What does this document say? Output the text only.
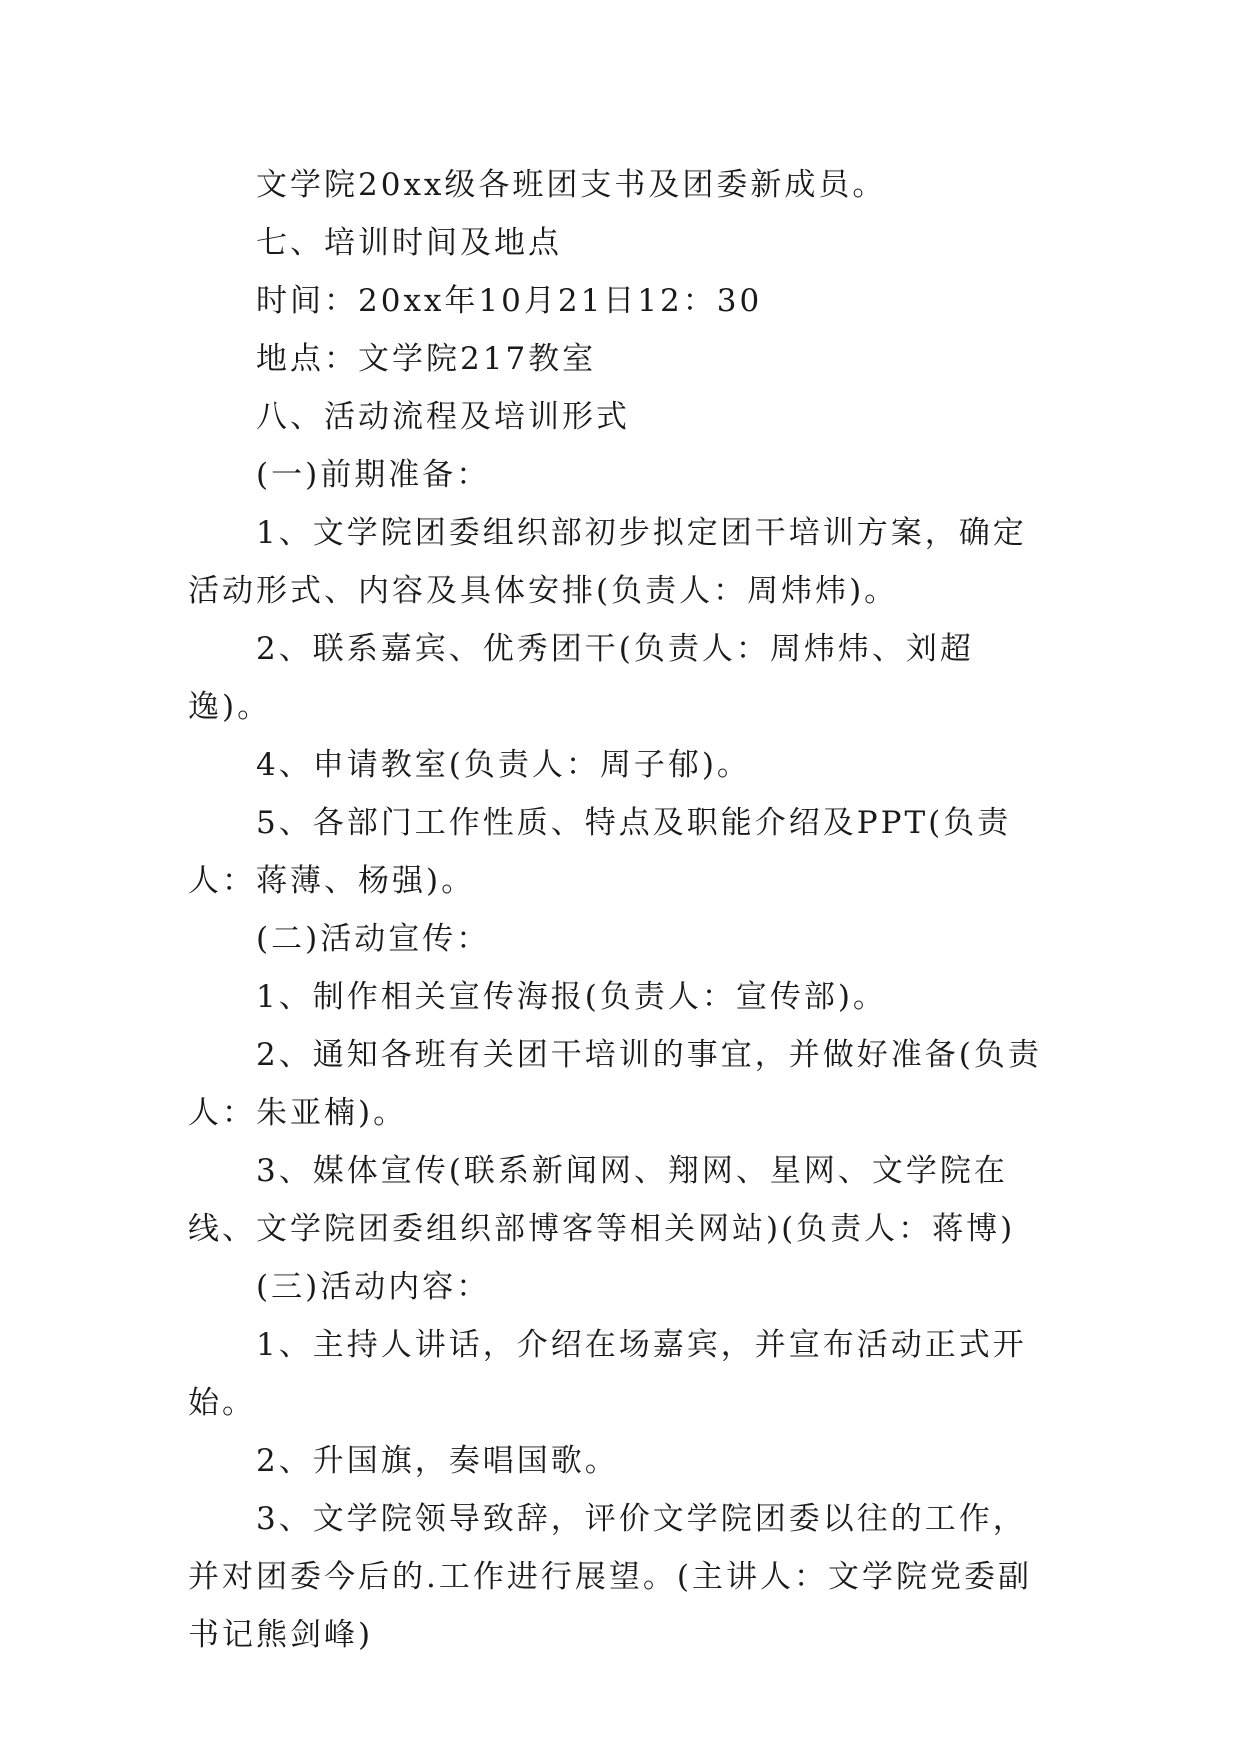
文学院20xx级各班团支书及团委新成员。

七、培训时间及地点

时间：20xx年10月21日12：30

地点：文学院217教室

八、活动流程及培训形式

(一)前期准备：

1、文学院团委组织部初步拟定团干培训方案，确定活动形式、内容及具体安排(负责人：周炜炜)。

2、联系嘉宾、优秀团干(负责人：周炜炜、刘超逸)。

4、申请教室(负责人：周子郁)。

5、各部门工作性质、特点及职能介绍及PPT(负责人：蒋薄、杨强)。

(二)活动宣传：

1、制作相关宣传海报(负责人：宣传部)。

2、通知各班有关团干培训的事宜，并做好准备(负责人：朱亚楠)。

3、媒体宣传(联系新闻网、翔网、星网、文学院在线、文学院团委组织部博客等相关网站)(负责人：蒋博)

(三)活动内容：

1、主持人讲话，介绍在场嘉宾，并宣布活动正式开始。

2、升国旗，奏唱国歌。

3、文学院领导致辞，评价文学院团委以往的工作，并对团委今后的.工作进行展望。(主讲人：文学院党委副书记熊剑峰)
